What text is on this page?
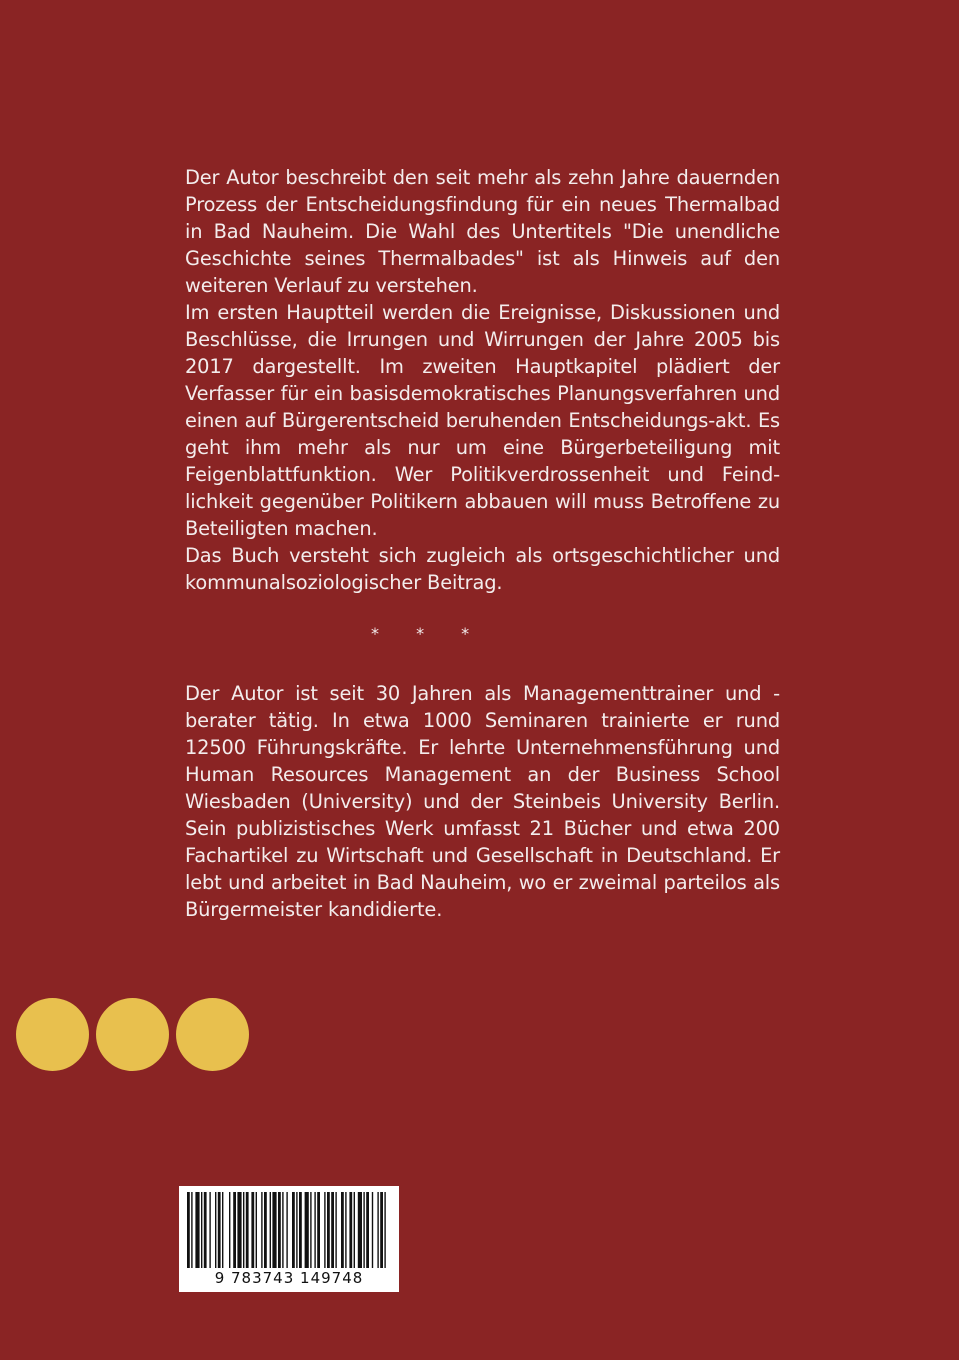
Der Autor beschreibt den seit mehr als zehn Jahre dauernden Prozess der Entscheidungsfindung für ein neues Thermalbad in Bad Nauheim. Die Wahl des Untertitels "Die unendliche Geschichte seines Thermalbades" ist als Hinweis auf den weiteren Verlauf zu verstehen.

Im ersten Hauptteil werden die Ereignisse, Diskussionen und Beschlüsse, die Irrungen und Wirrungen der Jahre 2005 bis 2017 dargestellt. Im zweiten Hauptkapitel plädiert der Verfasser für ein basisdemokratisches Planungsverfahren und einen auf Bürgerentscheid beruhenden Entscheidungs-akt. Es geht ihm mehr als nur um eine Bürgerbeteiligung mit Feigenblattfunktion. Wer Politikverdrossenheit und Feind-lichkeit gegenüber Politikern abbauen will muss Betroffene zu Beteiligten machen.

Das Buch versteht sich zugleich als ortsgeschichtlicher und kommunalsoziologischer Beitrag.

* * *

Der Autor ist seit 30 Jahren als Managementtrainer und -berater tätig. In etwa 1000 Seminaren trainierte er rund 12500 Führungskräfte. Er lehrte Unternehmensführung und Human Resources Management an der Business School Wiesbaden (University) und der Steinbeis University Berlin. Sein publizistisches Werk umfasst 21 Bücher und etwa 200 Fachartikel zu Wirtschaft und Gesellschaft in Deutschland. Er lebt und arbeitet in Bad Nauheim, wo er zweimal parteilos als Bürgermeister kandidierte.

9 783743 149748
